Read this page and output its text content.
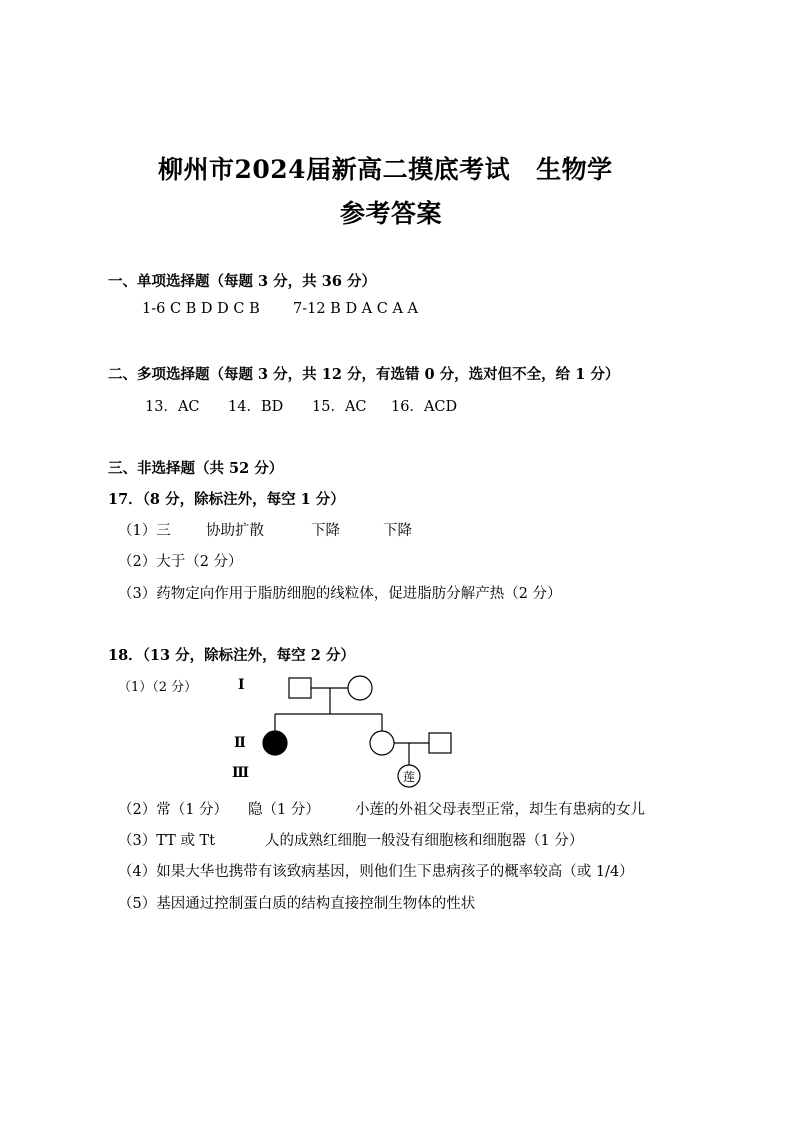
柳州市2024届新高二摸底考试 生物学
参考答案
一、单项选择题（每题 3 分，共 36 分）
1-6 C B D D C B 7-12 B D A C A A
二、多项选择题（每题 3 分，共 12 分，有选错 0 分，选对但不全，给 1 分）
13．AC 14．BD 15．AC 16．ACD
三、非选择题（共 52 分）
17．（8 分，除标注外，每空 1 分）
（1）三 协助扩散	下降	下降
（2）大于（2 分）
（3）药物定向作用于脂肪细胞的线粒体，促进脂肪分解产热（2 分）
18．（13 分，除标注外，每空 2 分）
（1）（2 分）	I
Ⅱ
Ⅲ	莲
（2）常（1 分） 隐（1 分） 小莲的外祖父母表型正常，却生有患病的女儿
（3）TT 或 Tt	人的成熟红细胞一般没有细胞核和细胞器（1 分）
（4）如果大华也携带有该致病基因，则他们生下患病孩子的概率较高（或 1/4）
（5）基因通过控制蛋白质的结构直接控制生物体的性状
